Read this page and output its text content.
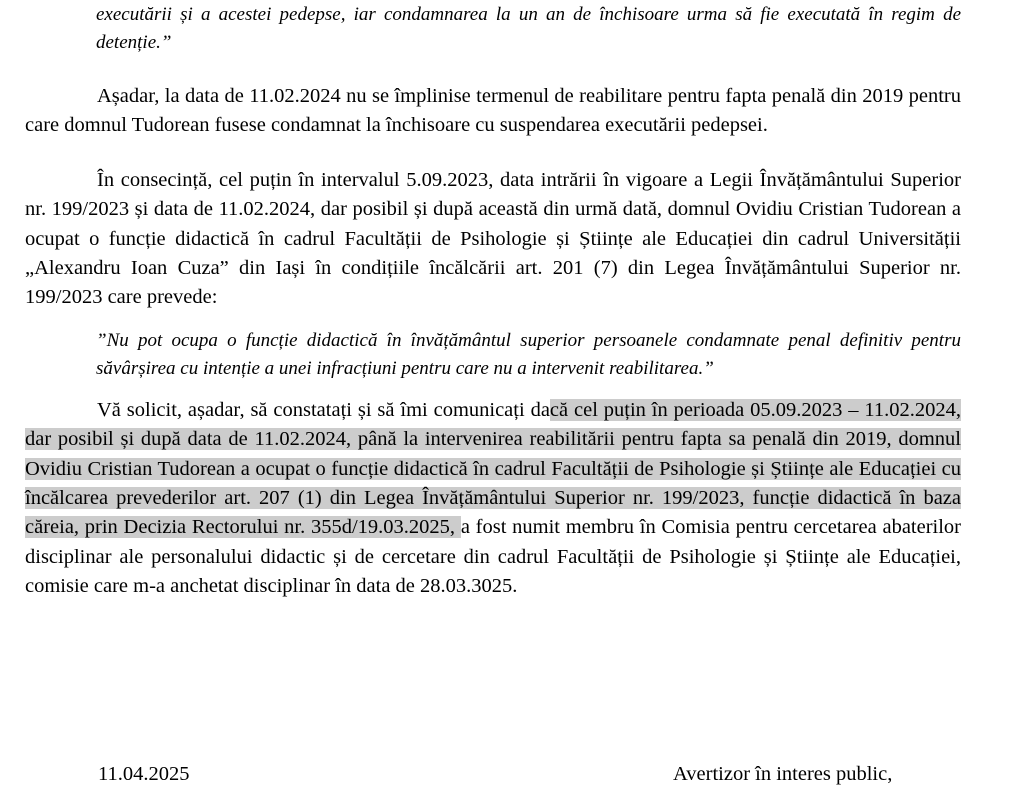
executării și a acestei pedepse, iar condamnarea la un an de închisoare urma să fie executată în regim de detenție.”

Așadar, la data de 11.02.2024 nu se împlinise termenul de reabilitare pentru fapta penală din 2019 pentru care domnul Tudorean fusese condamnat la închisoare cu suspendarea executării pedepsei.

În consecință, cel puțin în intervalul 5.09.2023, data intrării în vigoare a Legii Învățământului Superior nr. 199/2023 și data de 11.02.2024, dar posibil și după această din urmă dată, domnul Ovidiu Cristian Tudorean a ocupat o funcție didactică în cadrul Facultății de Psihologie și Științe ale Educației din cadrul Universității „Alexandru Ioan Cuza” din Iași în condițiile încălcării art. 201 (7) din Legea Învățământului Superior nr. 199/2023 care prevede:

”Nu pot ocupa o funcție didactică în învățământul superior persoanele condamnate penal definitiv pentru săvârșirea cu intenție a unei infracțiuni pentru care nu a intervenit reabilitarea.”

Vă solicit, așadar, să constatați și să îmi comunicați dacă cel puțin în perioada 05.09.2023 – 11.02.2024, dar posibil și după data de 11.02.2024, până la intervenirea reabilitării pentru fapta sa penală din 2019, domnul Ovidiu Cristian Tudorean a ocupat o funcție didactică în cadrul Facultății de Psihologie și Științe ale Educației cu încălcarea prevederilor art. 207 (1) din Legea Învățământului Superior nr. 199/2023, funcție didactică în baza căreia, prin Decizia Rectorului nr. 355d/19.03.2025, a fost numit membru în Comisia pentru cercetarea abaterilor disciplinar ale personalului didactic și de cercetare din cadrul Facultății de Psihologie și Științe ale Educației, comisie care m-a anchetat disciplinar în data de 28.03.3025.

11.04.2025	Avertizor în interes public,
